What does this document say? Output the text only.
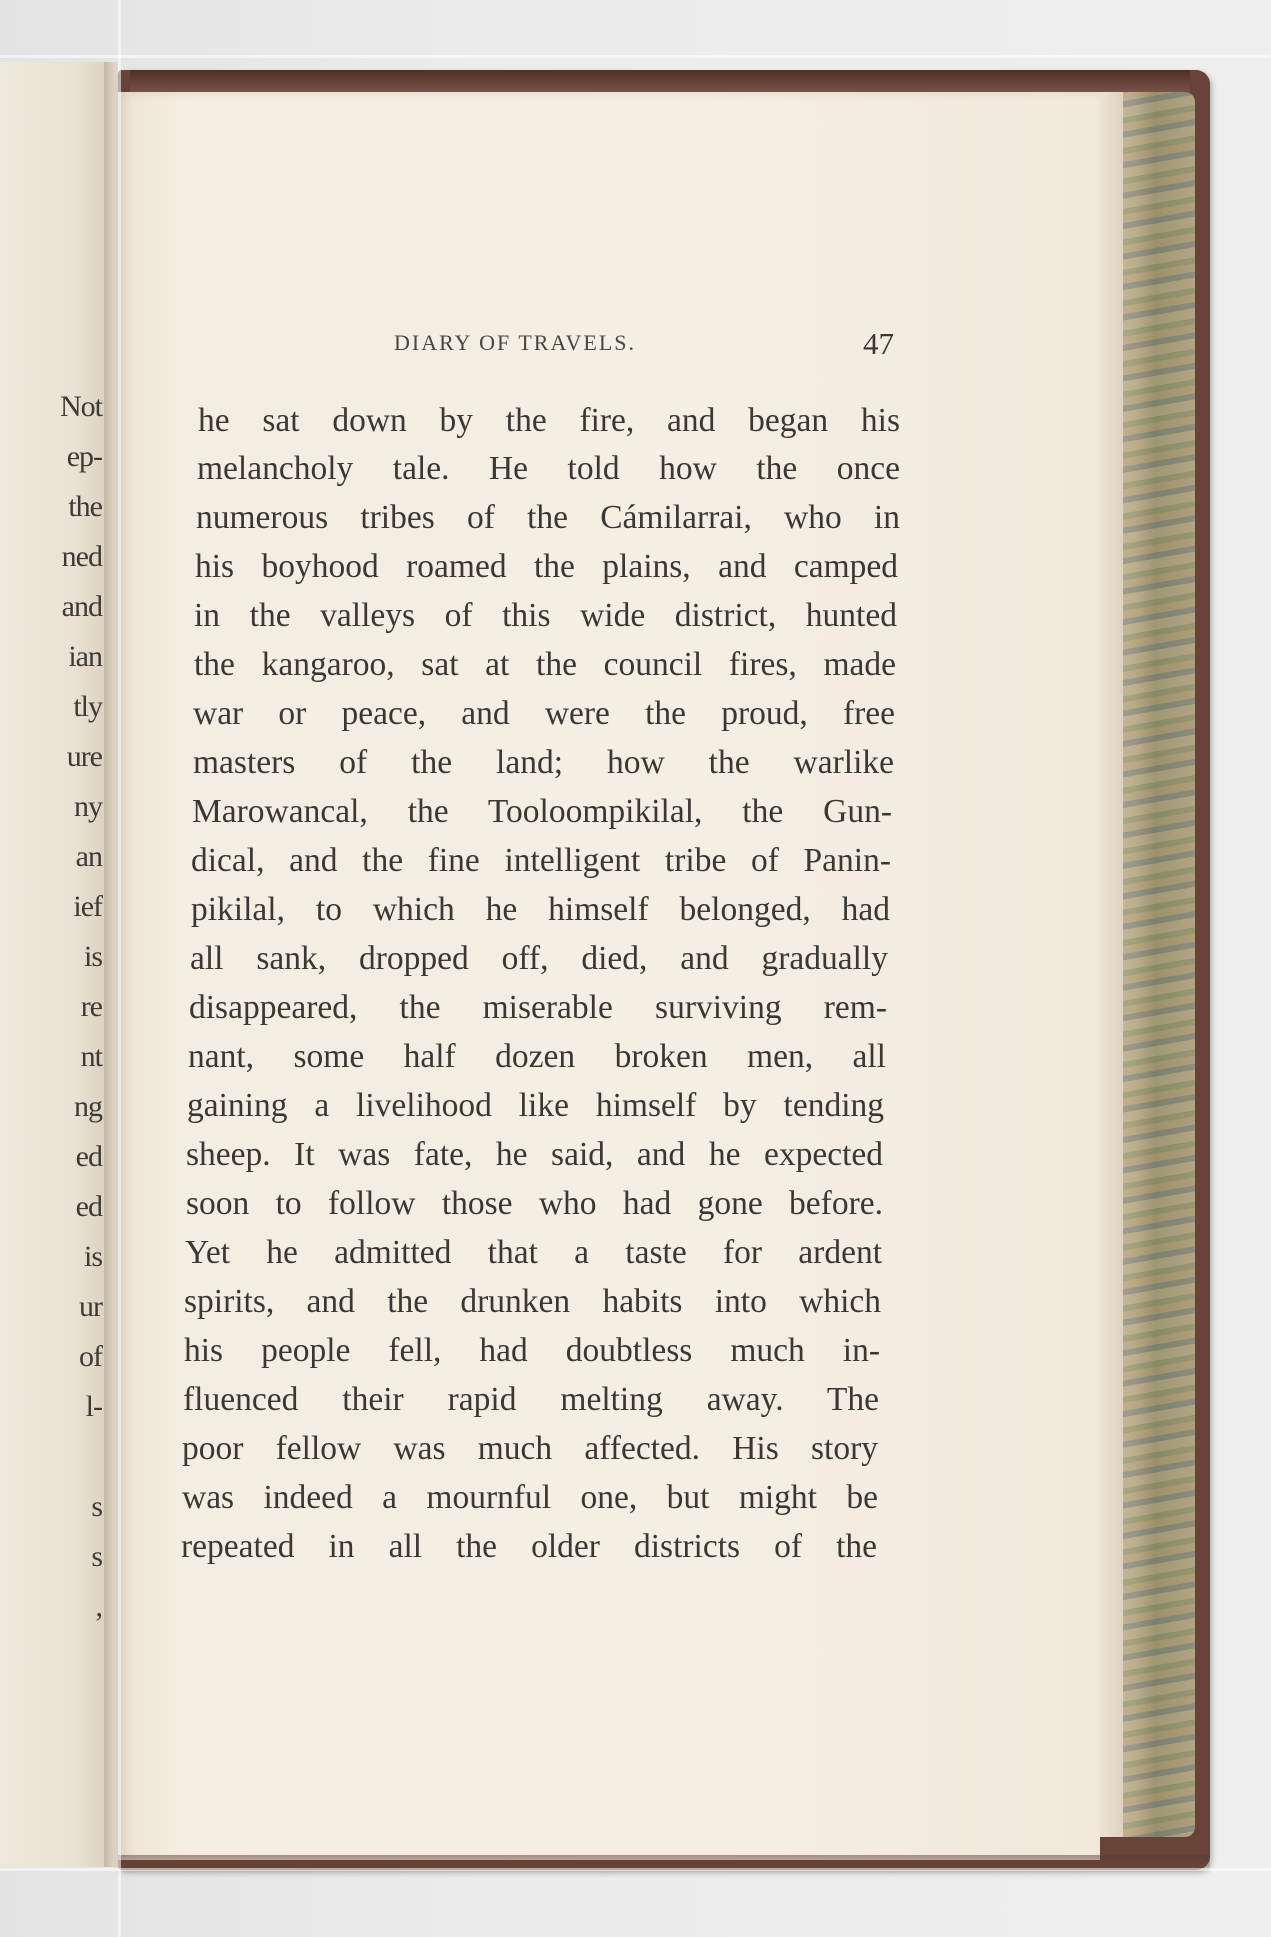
Not
ep-
the
ned
and
ian
tly
ure
ny
an
ief
is
re
nt
ng
ed
ed
is
ur
of
l-
s
s
,
DIARY OF TRAVELS.	47
he sat down by the fire, and began his
melancholy tale. He told how the once
numerous tribes of the Cámilarrai, who in
his boyhood roamed the plains, and camped
in the valleys of this wide district, hunted
the kangaroo, sat at the council fires, made
war or peace, and were the proud, free
masters of the land; how the warlike
Marowancal, the Tooloompikilal, the Gun-
dical, and the fine intelligent tribe of Panin-
pikilal, to which he himself belonged, had
all sank, dropped off, died, and gradually
disappeared, the miserable surviving rem-
nant, some half dozen broken men, all
gaining a livelihood like himself by tending
sheep. It was fate, he said, and he expected
soon to follow those who had gone before.
Yet he admitted that a taste for ardent
spirits, and the drunken habits into which
his people fell, had doubtless much in-
fluenced their rapid melting away. The
poor fellow was much affected. His story
was indeed a mournful one, but might be
repeated in all the older districts of the
